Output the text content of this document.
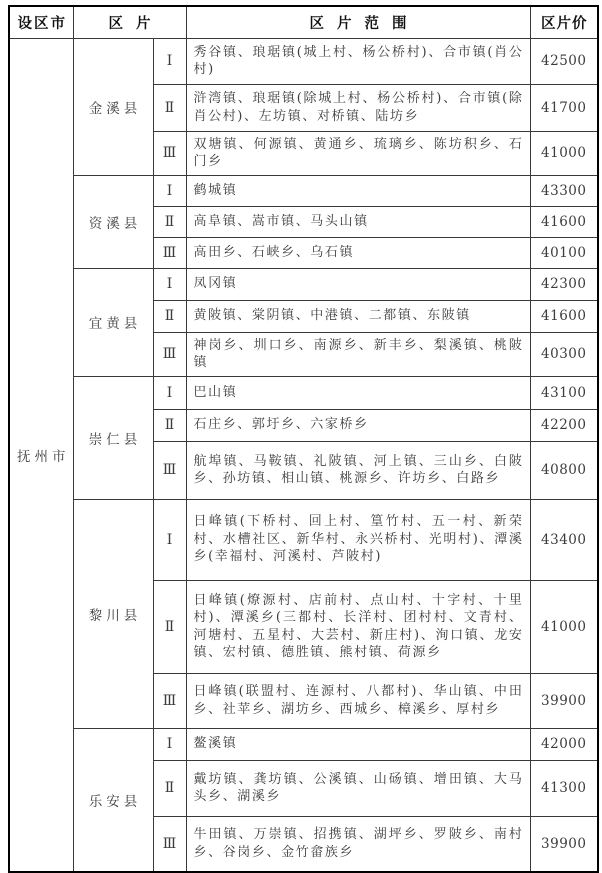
设区市	区片		区片范围	区片价
抚州市	金溪县	Ⅰ	秀谷镇、琅琚镇(城上村、杨公桥村)、合市镇(肖公村)	42500
		Ⅱ	浒湾镇、琅琚镇(除城上村、杨公桥村)、合市镇(除肖公村)、左坊镇、对桥镇、陆坊乡	41700
		Ⅲ	双塘镇、何源镇、黄通乡、琉璃乡、陈坊积乡、石门乡	41000
	资溪县	Ⅰ	鹤城镇	43300
		Ⅱ	高阜镇、嵩市镇、马头山镇	41600
		Ⅲ	高田乡、石峡乡、乌石镇	40100
	宜黄县	Ⅰ	凤冈镇	42300
		Ⅱ	黄陂镇、棠阴镇、中港镇、二都镇、东陂镇	41600
		Ⅲ	神岗乡、圳口乡、南源乡、新丰乡、梨溪镇、桃陂镇	40300
	崇仁县	Ⅰ	巴山镇	43100
		Ⅱ	石庄乡、郭圩乡、六家桥乡	42200
		Ⅲ	航埠镇、马鞍镇、礼陂镇、河上镇、三山乡、白陂乡、孙坊镇、相山镇、桃源乡、许坊乡、白路乡	40800
	黎川县	Ⅰ	日峰镇(下桥村、回上村、篁竹村、五一村、新荣村、水槽社区、新华村、永兴桥村、光明村)、潭溪乡(幸福村、河溪村、芦陂村)	43400
		Ⅱ	日峰镇(燎源村、店前村、点山村、十字村、十里村)、潭溪乡(三都村、长洋村、团村村、文青村、河塘村、五星村、大芸村、新庄村)、洵口镇、龙安镇、宏村镇、德胜镇、熊村镇、荷源乡	41000
		Ⅲ	日峰镇(联盟村、连源村、八都村)、华山镇、中田乡、社苹乡、湖坊乡、西城乡、樟溪乡、厚村乡	39900
	乐安县	Ⅰ	鳌溪镇	42000
		Ⅱ	戴坊镇、龚坊镇、公溪镇、山砀镇、增田镇、大马头乡、湖溪乡	41300
		Ⅲ	牛田镇、万崇镇、招携镇、湖坪乡、罗陂乡、南村乡、谷岗乡、金竹畲族乡	39900
